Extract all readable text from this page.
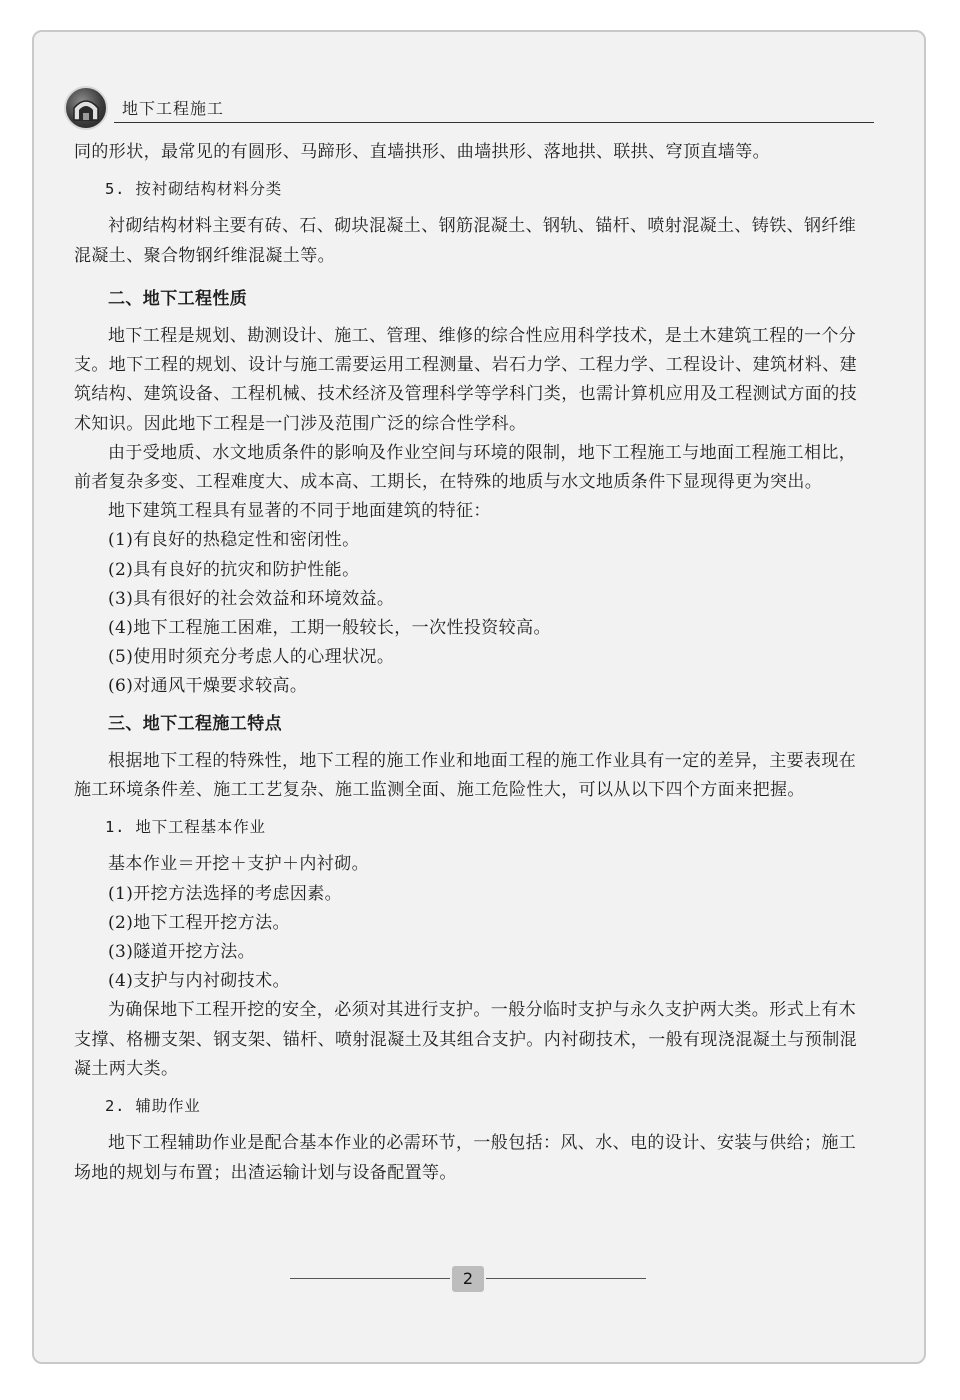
地下工程施工

同的形状，最常见的有圆形、马蹄形、直墙拱形、曲墙拱形、落地拱、联拱、穹顶直墙等。

5. 按衬砌结构材料分类

衬砌结构材料主要有砖、石、砌块混凝土、钢筋混凝土、钢轨、锚杆、喷射混凝土、铸铁、钢纤维混凝土、聚合物钢纤维混凝土等。

二、地下工程性质

地下工程是规划、勘测设计、施工、管理、维修的综合性应用科学技术，是土木建筑工程的一个分支。地下工程的规划、设计与施工需要运用工程测量、岩石力学、工程力学、工程设计、建筑材料、建筑结构、建筑设备、工程机械、技术经济及管理科学等学科门类，也需计算机应用及工程测试方面的技术知识。因此地下工程是一门涉及范围广泛的综合性学科。

由于受地质、水文地质条件的影响及作业空间与环境的限制，地下工程施工与地面工程施工相比，前者复杂多变、工程难度大、成本高、工期长，在特殊的地质与水文地质条件下显现得更为突出。

地下建筑工程具有显著的不同于地面建筑的特征：

(1)有良好的热稳定性和密闭性。

(2)具有良好的抗灾和防护性能。

(3)具有很好的社会效益和环境效益。

(4)地下工程施工困难，工期一般较长，一次性投资较高。

(5)使用时须充分考虑人的心理状况。

(6)对通风干燥要求较高。

三、地下工程施工特点

根据地下工程的特殊性，地下工程的施工作业和地面工程的施工作业具有一定的差异，主要表现在施工环境条件差、施工工艺复杂、施工监测全面、施工危险性大，可以从以下四个方面来把握。

1. 地下工程基本作业

基本作业＝开挖＋支护＋内衬砌。

(1)开挖方法选择的考虑因素。

(2)地下工程开挖方法。

(3)隧道开挖方法。

(4)支护与内衬砌技术。

为确保地下工程开挖的安全，必须对其进行支护。一般分临时支护与永久支护两大类。形式上有木支撑、格栅支架、钢支架、锚杆、喷射混凝土及其组合支护。内衬砌技术，一般有现浇混凝土与预制混凝土两大类。

2. 辅助作业

地下工程辅助作业是配合基本作业的必需环节，一般包括：风、水、电的设计、安装与供给；施工场地的规划与布置；出渣运输计划与设备配置等。

2
